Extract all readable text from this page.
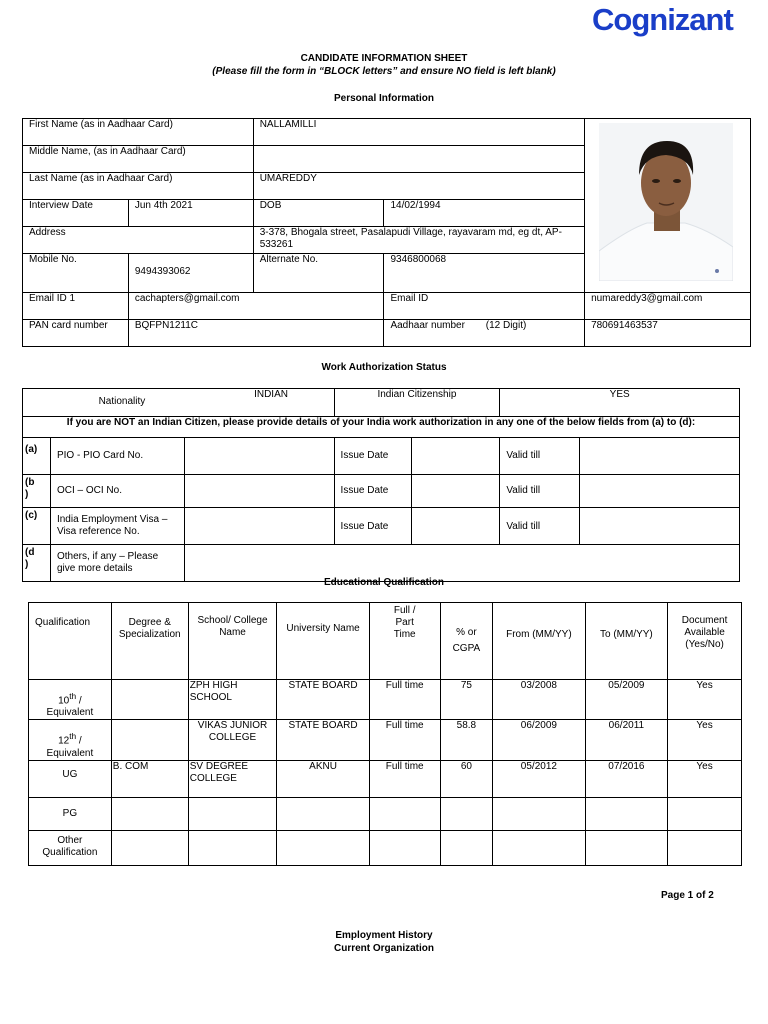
Cognizant
CANDIDATE INFORMATION SHEET
(Please fill the form in “BLOCK letters” and ensure NO field is left blank)
Personal Information
First Name (as in Aadhaar Card)		NALLAMILLI	

Middle Name, (as in Aadhaar Card)				
Last Name (as in Aadhaar Card)		UMAREDDY		
Interview Date	Jun 4th 2021	DOB	14/02/1994	
Address		3-378, Bhogala street, Pasalapudi Village, rayavaram md, eg dt, AP-533261		
Mobile No.	9494393062	Alternate No.	9346800068	
Email ID 1	cachapters@gmail.com		Email ID	numareddy3@gmail.com
PAN card number	BQFPN1211C		Aadhaar number (12 Digit)	780691463537
Work Authorization Status
Nationality INDIAN			Indian Citizenship		YES	
If you are NOT an Indian Citizen, please provide details of your India work authorization in any one of the below fields from (a) to (d):						
(a)	PIO - PIO Card No.		Issue Date		Valid till	
(b
)	OCI – OCI No.		Issue Date		Valid till	
(c)	India Employment Visa – Visa reference No.		Issue Date		Valid till	
(d
)	Others, if any – Please give more details					
Educational Qualification
Qualification	Degree & Specialization	School/ College Name	University Name	Full / Part Time	% or CGPA	From (MM/YY)	To (MM/YY)	Document Available (Yes/No)
10th / Equivalent		ZPH HIGH SCHOOL	STATE BOARD	Full time	75	03/2008	05/2009	Yes
12th / Equivalent		VIKAS JUNIOR COLLEGE	STATE BOARD	Full time	58.8	06/2009	06/2011	Yes
UG	B. COM	SV DEGREE COLLEGE	AKNU	Full time	60	05/2012	07/2016	Yes
PG								
Other Qualification								
Page 1 of 2
Employment History
Current Organization
